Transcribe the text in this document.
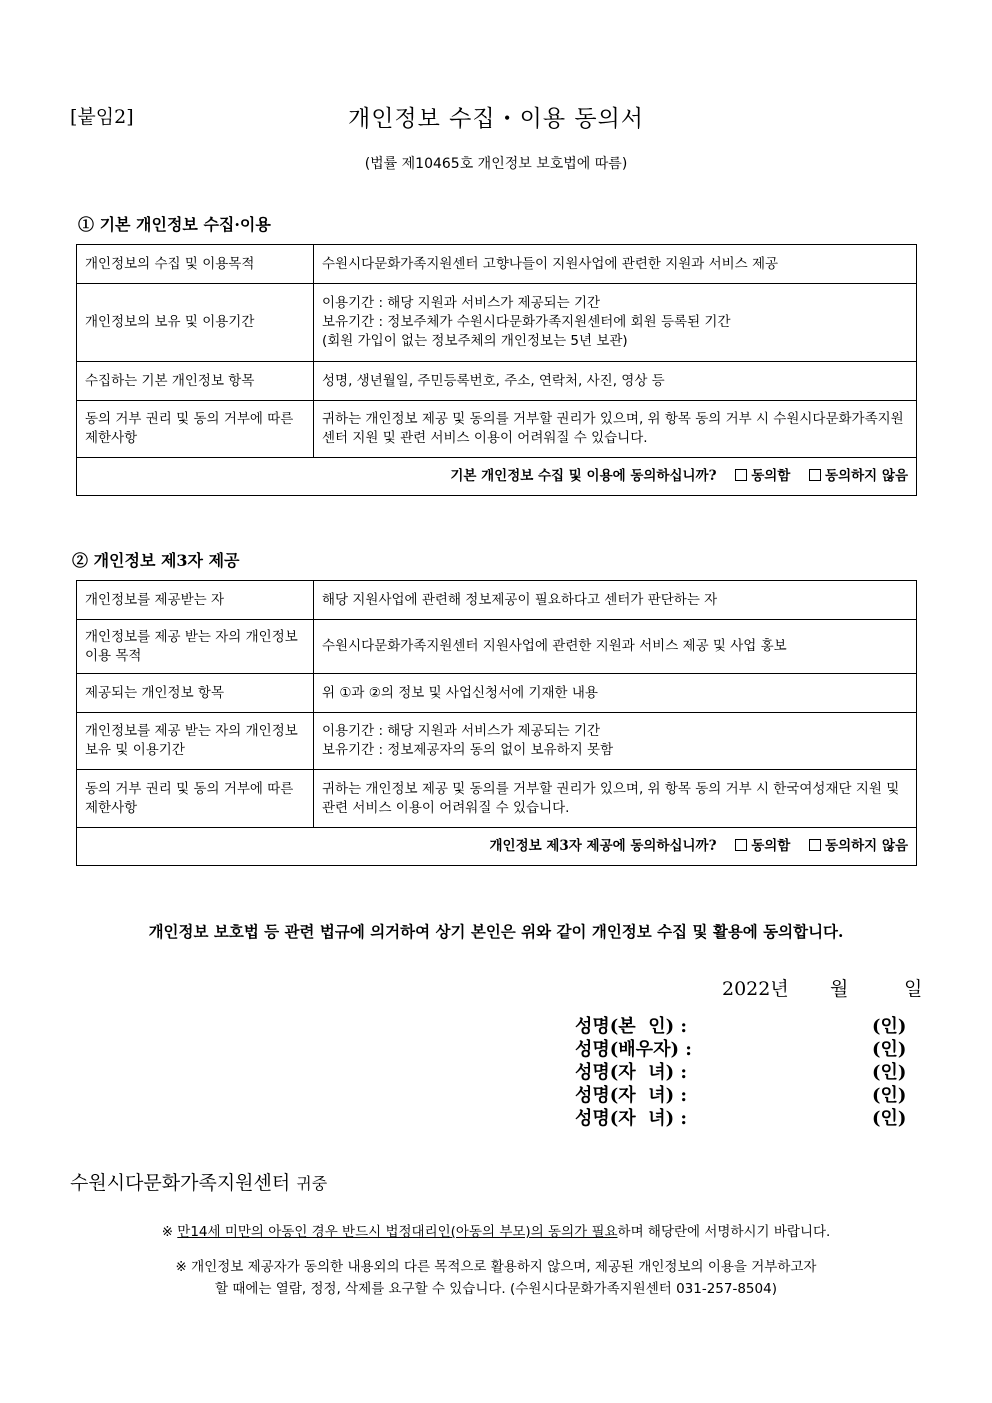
[붙임2]	개인정보 수집・이용 동의서
(법률 제10465호 개인정보 보호법에 따름)
① 기본 개인정보 수집·이용
개인정보의 수집 및 이용목적	수원시다문화가족지원센터 고향나들이 지원사업에 관련한 지원과 서비스 제공

개인정보의 보유 및 이용기간	이용기간 : 해당 지원과 서비스가 제공되는 기간
보유기간 : 정보주체가 수원시다문화가족지원센터에 회원 등록된 기간
(회원 가입이 없는 정보주체의 개인정보는 5년 보관)

수집하는 기본 개인정보 항목	성명, 생년월일, 주민등록번호, 주소, 연락처, 사진, 영상 등

동의 거부 권리 및 동의 거부에 따른 제한사항	귀하는 개인정보 제공 및 동의를 거부할 권리가 있으며, 위 항목 동의 거부 시 수원시다문화가족지원센터 지원 및 관련 서비스 이용이 어려워질 수 있습니다.

기본 개인정보 수집 및 이용에 동의하십니까? 동의함 동의하지 않음	
② 개인정보 제3자 제공
개인정보를 제공받는 자	해당 지원사업에 관련해 정보제공이 필요하다고 센터가 판단하는 자

개인정보를 제공 받는 자의 개인정보 이용 목적	수원시다문화가족지원센터 지원사업에 관련한 지원과 서비스 제공 및 사업 홍보

제공되는 개인정보 항목	위 ①과 ②의 정보 및 사업신청서에 기재한 내용

개인정보를 제공 받는 자의 개인정보 보유 및 이용기간	이용기간 : 해당 지원과 서비스가 제공되는 기간
보유기간 : 정보제공자의 동의 없이 보유하지 못함

동의 거부 권리 및 동의 거부에 따른 제한사항	귀하는 개인정보 제공 및 동의를 거부할 권리가 있으며, 위 항목 동의 거부 시 한국여성재단 지원 및 관련 서비스 이용이 어려워질 수 있습니다.

개인정보 제3자 제공에 동의하십니까? 동의함 동의하지 않음	
개인정보 보호법 등 관련 법규에 의거하여 상기 본인은 위와 같이 개인정보 수집 및 활용에 동의합니다.
2022년 월	일
성명(본  인) :	(인)
성명(배우자) :	(인)
성명(자  녀) :	(인)
성명(자  녀) :	(인)
성명(자  녀) :	(인)
수원시다문화가족지원센터 귀중
※ 만14세 미만의 아동인 경우 반드시 법정대리인(아동의 부모)의 동의가 필요하며 해당란에 서명하시기 바랍니다.
※ 개인정보 제공자가 동의한 내용외의 다른 목적으로 활용하지 않으며, 제공된 개인정보의 이용을 거부하고자
할 때에는 열람, 정정, 삭제를 요구할 수 있습니다. (수원시다문화가족지원센터 031-257-8504)
